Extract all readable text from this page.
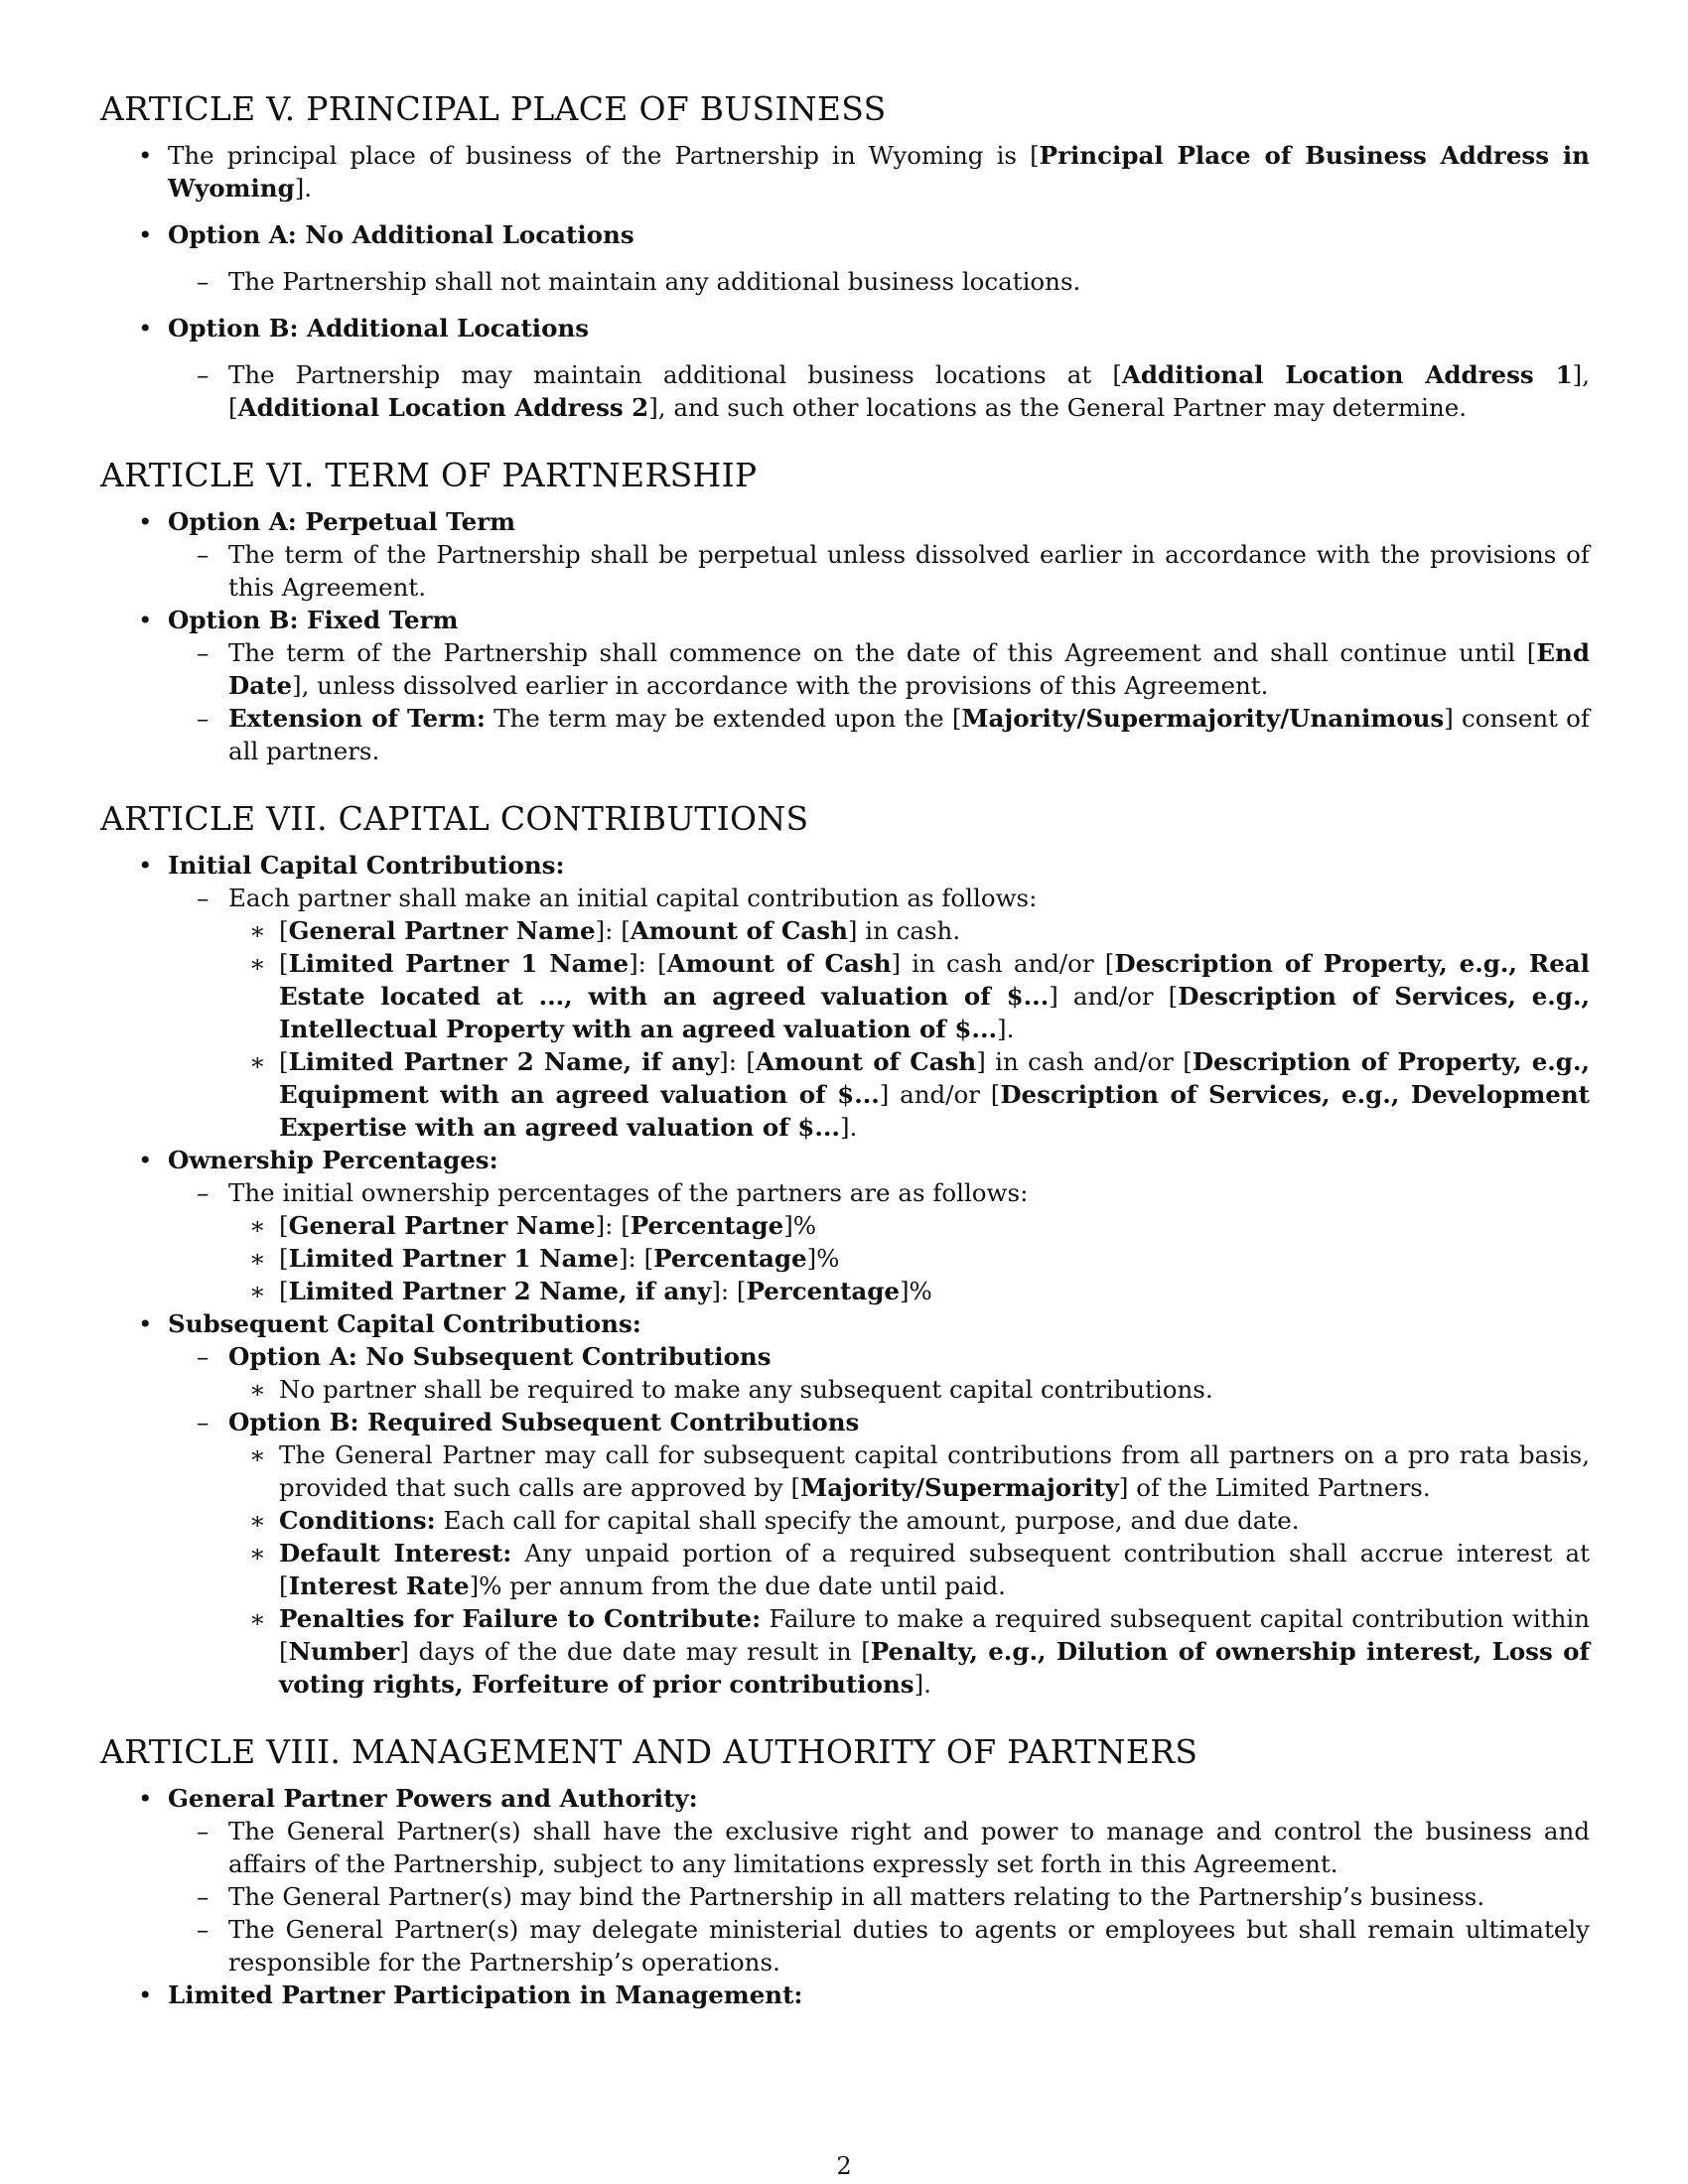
ARTICLE V. PRINCIPAL PLACE OF BUSINESS
• The principal place of business of the Partnership in Wyoming is [Principal Place of Business Address in Wyoming].
• Option A: No Additional Locations
– The Partnership shall not maintain any additional business locations.
• Option B: Additional Locations
– The Partnership may maintain additional business locations at [Additional Location Address 1], [Additional Location Address 2], and such other locations as the General Partner may determine.
ARTICLE VI. TERM OF PARTNERSHIP
• Option A: Perpetual Term
– The term of the Partnership shall be perpetual unless dissolved earlier in accordance with the provisions of this Agreement.
• Option B: Fixed Term
– The term of the Partnership shall commence on the date of this Agreement and shall continue until [End Date], unless dissolved earlier in accordance with the provisions of this Agreement.
– Extension of Term: The term may be extended upon the [Majority/Supermajority/Unanimous] consent of all partners.
ARTICLE VII. CAPITAL CONTRIBUTIONS
• Initial Capital Contributions:
– Each partner shall make an initial capital contribution as follows:
∗ [General Partner Name]: [Amount of Cash] in cash.
∗ [Limited Partner 1 Name]: [Amount of Cash] in cash and/or [Description of Property, e.g., Real Estate located at ..., with an agreed valuation of $...] and/or [Description of Services, e.g., Intellectual Property with an agreed valuation of $...].
∗ [Limited Partner 2 Name, if any]: [Amount of Cash] in cash and/or [Description of Property, e.g., Equipment with an agreed valuation of $...] and/or [Description of Services, e.g., Development Expertise with an agreed valuation of $...].
• Ownership Percentages:
– The initial ownership percentages of the partners are as follows:
∗ [General Partner Name]: [Percentage]%
∗ [Limited Partner 1 Name]: [Percentage]%
∗ [Limited Partner 2 Name, if any]: [Percentage]%
• Subsequent Capital Contributions:
– Option A: No Subsequent Contributions
∗ No partner shall be required to make any subsequent capital contributions.
– Option B: Required Subsequent Contributions
∗ The General Partner may call for subsequent capital contributions from all partners on a pro rata basis, provided that such calls are approved by [Majority/Supermajority] of the Limited Partners.
∗ Conditions: Each call for capital shall specify the amount, purpose, and due date.
∗ Default Interest: Any unpaid portion of a required subsequent contribution shall accrue interest at [Interest Rate]% per annum from the due date until paid.
∗ Penalties for Failure to Contribute: Failure to make a required subsequent capital contribution within [Number] days of the due date may result in [Penalty, e.g., Dilution of ownership interest, Loss of voting rights, Forfeiture of prior contributions].
ARTICLE VIII. MANAGEMENT AND AUTHORITY OF PARTNERS
• General Partner Powers and Authority:
– The General Partner(s) shall have the exclusive right and power to manage and control the business and affairs of the Partnership, subject to any limitations expressly set forth in this Agreement.
– The General Partner(s) may bind the Partnership in all matters relating to the Partnership’s business.
– The General Partner(s) may delegate ministerial duties to agents or employees but shall remain ultimately responsible for the Partnership’s operations.
• Limited Partner Participation in Management:
2
